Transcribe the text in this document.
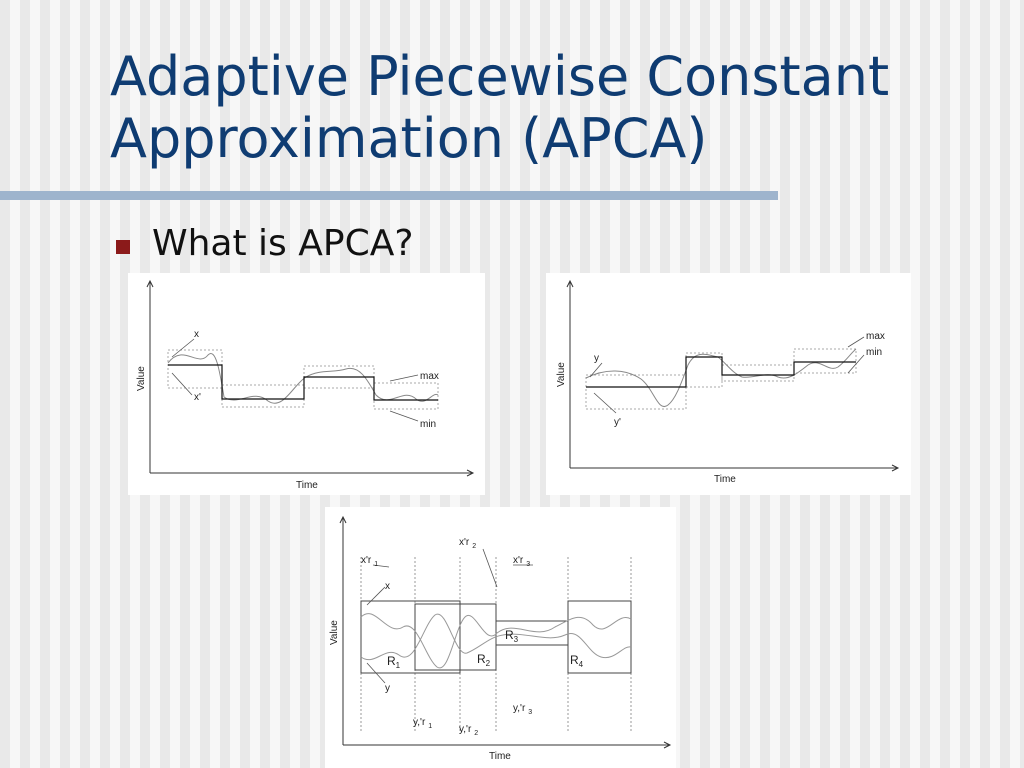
Adaptive Piecewise Constant
Approximation (APCA)
What is APCA?
x
x'
max
min
Time
Value
y
y'
max
min
Time
Value
x'r $_1$
x'r $_2$
x'r $_3$
x
y
$R_1$	$R_2$
$R_3$
$R_4$
y,'r $_1$	y,'r $_2$
y,'r $_3$
Time
Value
